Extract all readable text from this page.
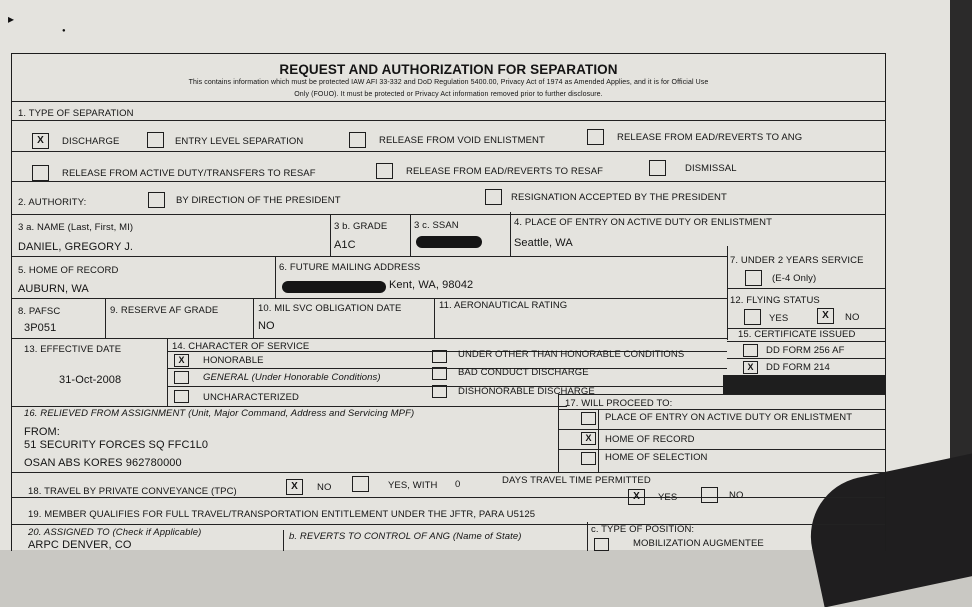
▸
●
REQUEST AND AUTHORIZATION FOR SEPARATION
This contains information which must be protected IAW AFI 33-332 and DoD Regulation 5400.00, Privacy Act of 1974 as Amended Applies, and it is for Official Use
Only (FOUO). It must be protected or Privacy Act information removed prior to further disclosure.
1. TYPE OF SEPARATION
X	DISCHARGE	ENTRY LEVEL SEPARATION	RELEASE FROM VOID ENLISTMENT	RELEASE FROM EAD/REVERTS TO ANG
RELEASE FROM ACTIVE DUTY/TRANSFERS TO RESAF	RELEASE FROM EAD/REVERTS TO RESAF	DISMISSAL
2. AUTHORITY:	BY DIRECTION OF THE PRESIDENT	RESIGNATION ACCEPTED BY THE PRESIDENT
3 a. NAME (Last, First, MI)
DANIEL, GREGORY J.
3 b. GRADE
A1C
3 c. SSAN	4. PLACE OF ENTRY ON ACTIVE DUTY OR ENLISTMENT
Seattle, WA
5. HOME OF RECORD
AUBURN, WA
6. FUTURE MAILING ADDRESS
Kent, WA, 98042
7. UNDER 2 YEARS SERVICE
(E-4 Only)
8. PAFSC
3P051
9. RESERVE AF GRADE	10. MIL SVC OBLIGATION DATE
NO
11. AERONAUTICAL RATING	12. FLYING STATUS
YES	X	NO
13. EFFECTIVE DATE
31-Oct-2008
14. CHARACTER OF SERVICE
X	HONORABLE
GENERAL (Under Honorable Conditions)
UNCHARACTERIZED
UNDER OTHER THAN HONORABLE CONDITIONS
BAD CONDUCT DISCHARGE
DISHONORABLE DISCHARGE
15. CERTIFICATE ISSUED
DD FORM 256 AF
X	DD FORM 214
16. RELIEVED FROM ASSIGNMENT (Unit, Major Command, Address and Servicing MPF)
FROM:
51 SECURITY FORCES SQ FFC1L0
OSAN ABS KORES 962780000
17. WILL PROCEED TO:
PLACE OF ENTRY ON ACTIVE DUTY OR ENLISTMENT
X	HOME OF RECORD
HOME OF SELECTION
18. TRAVEL BY PRIVATE CONVEYANCE (TPC)	X	NO	YES, WITH 0	DAYS TRAVEL TIME PERMITTED
19. MEMBER QUALIFIES FOR FULL TRAVEL/TRANSPORTATION ENTITLEMENT UNDER THE JFTR, PARA U5125
X	YES	NO
20. ASSIGNED TO (Check if Applicable)
ARPC DENVER, CO
b. REVERTS TO CONTROL OF ANG (Name of State)
c. TYPE OF POSITION:
MOBILIZATION AUGMENTEE
